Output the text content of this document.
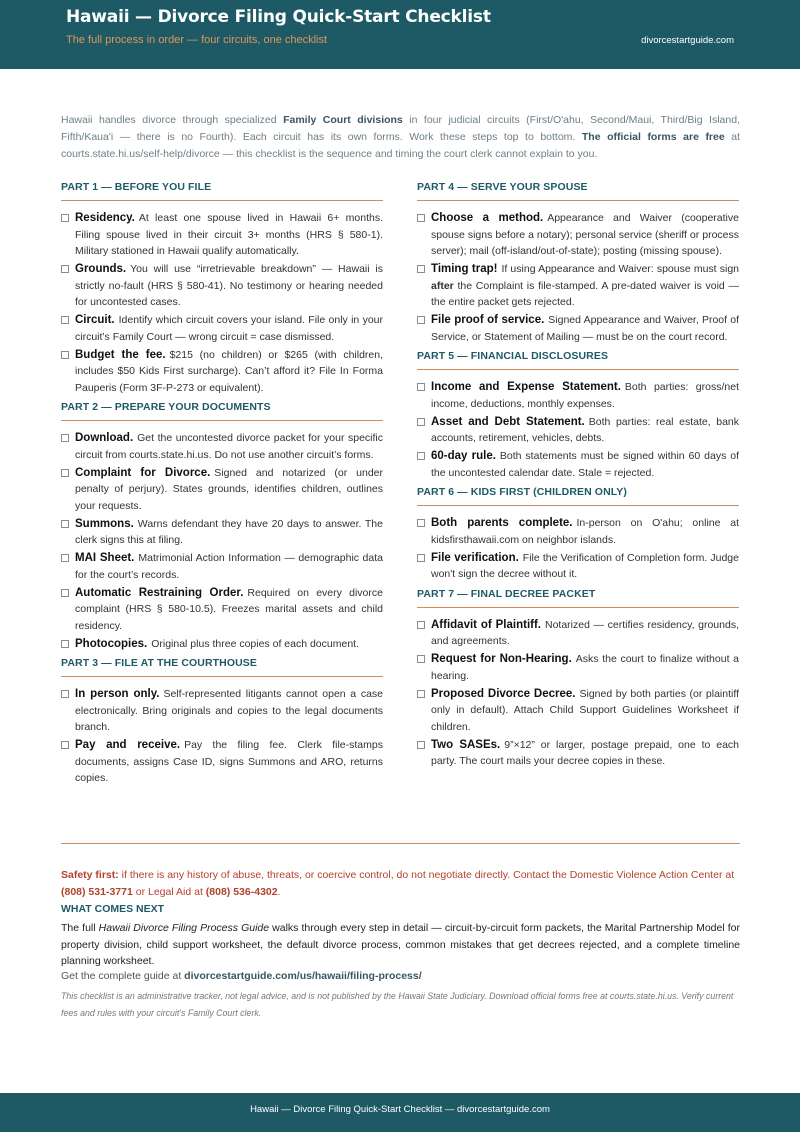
Hawaii — Divorce Filing Quick-Start Checklist
The full process in order — four circuits, one checklist	divorcestartguide.com
Hawaii handles divorce through specialized Family Court divisions in four judicial circuits (First/O'ahu, Second/Maui, Third/Big Island, Fifth/Kaua'i — there is no Fourth). Each circuit has its own forms. Work these steps top to bottom. The official forms are free at courts.state.hi.us/self-help/divorce — this checklist is the sequence and timing the court clerk cannot explain to you.
PART 1 — BEFORE YOU FILE
Residency. At least one spouse lived in Hawaii 6+ months. Filing spouse lived in their circuit 3+ months (HRS § 580-1). Military stationed in Hawaii qualify automatically.
Grounds. You will use “irretrievable breakdown” — Hawaii is strictly no-fault (HRS § 580-41). No testimony or hearing needed for uncontested cases.
Circuit. Identify which circuit covers your island. File only in your circuit’s Family Court — wrong circuit = case dismissed.
Budget the fee. $215 (no children) or $265 (with children, includes $50 Kids First surcharge). Can’t afford it? File In Forma Pauperis (Form 3F-P-273 or equivalent).
PART 2 — PREPARE YOUR DOCUMENTS
Download. Get the uncontested divorce packet for your specific circuit from courts.state.hi.us. Do not use another circuit’s forms.
Complaint for Divorce. Signed and notarized (or under penalty of perjury). States grounds, identifies children, outlines your requests.
Summons. Warns defendant they have 20 days to answer. The clerk signs this at filing.
MAI Sheet. Matrimonial Action Information — demographic data for the court’s records.
Automatic Restraining Order. Required on every divorce complaint (HRS § 580-10.5). Freezes marital assets and child residency.
Photocopies. Original plus three copies of each document.
PART 3 — FILE AT THE COURTHOUSE
In person only. Self-represented litigants cannot open a case electronically. Bring originals and copies to the legal documents branch.
Pay and receive. Pay the filing fee. Clerk file-stamps documents, assigns Case ID, signs Summons and ARO, returns copies.
PART 4 — SERVE YOUR SPOUSE
Choose a method. Appearance and Waiver (cooperative spouse signs before a notary); personal service (sheriff or process server); mail (off-island/out-of-state); posting (missing spouse).
Timing trap! If using Appearance and Waiver: spouse must sign after the Complaint is file-stamped. A pre-dated waiver is void — the entire packet gets rejected.
File proof of service. Signed Appearance and Waiver, Proof of Service, or Statement of Mailing — must be on the court record.
PART 5 — FINANCIAL DISCLOSURES
Income and Expense Statement. Both parties: gross/net income, deductions, monthly expenses.
Asset and Debt Statement. Both parties: real estate, bank accounts, retirement, vehicles, debts.
60-day rule. Both statements must be signed within 60 days of the uncontested calendar date. Stale = rejected.
PART 6 — KIDS FIRST (CHILDREN ONLY)
Both parents complete. In-person on O'ahu; online at kidsfirsthawaii.com on neighbor islands.
File verification. File the Verification of Completion form. Judge won't sign the decree without it.
PART 7 — FINAL DECREE PACKET
Affidavit of Plaintiff. Notarized — certifies residency, grounds, and agreements.
Request for Non-Hearing. Asks the court to finalize without a hearing.
Proposed Divorce Decree. Signed by both parties (or plaintiff only in default). Attach Child Support Guidelines Worksheet if children.
Two SASEs. 9”×12” or larger, postage prepaid, one to each party. The court mails your decree copies in these.
Safety first: if there is any history of abuse, threats, or coercive control, do not negotiate directly. Contact the Domestic Violence Action Center at (808) 531-3771 or Legal Aid at (808) 536-4302.
WHAT COMES NEXT
The full Hawaii Divorce Filing Process Guide walks through every step in detail — circuit-by-circuit form packets, the Marital Partnership Model for property division, child support worksheet, the default divorce process, common mistakes that get decrees rejected, and a complete timeline planning worksheet.
Get the complete guide at divorcestartguide.com/us/hawaii/filing-process/
This checklist is an administrative tracker, not legal advice, and is not published by the Hawaii State Judiciary. Download official forms free at courts.state.hi.us. Verify current fees and rules with your circuit's Family Court clerk.
Hawaii — Divorce Filing Quick-Start Checklist — divorcestartguide.com
